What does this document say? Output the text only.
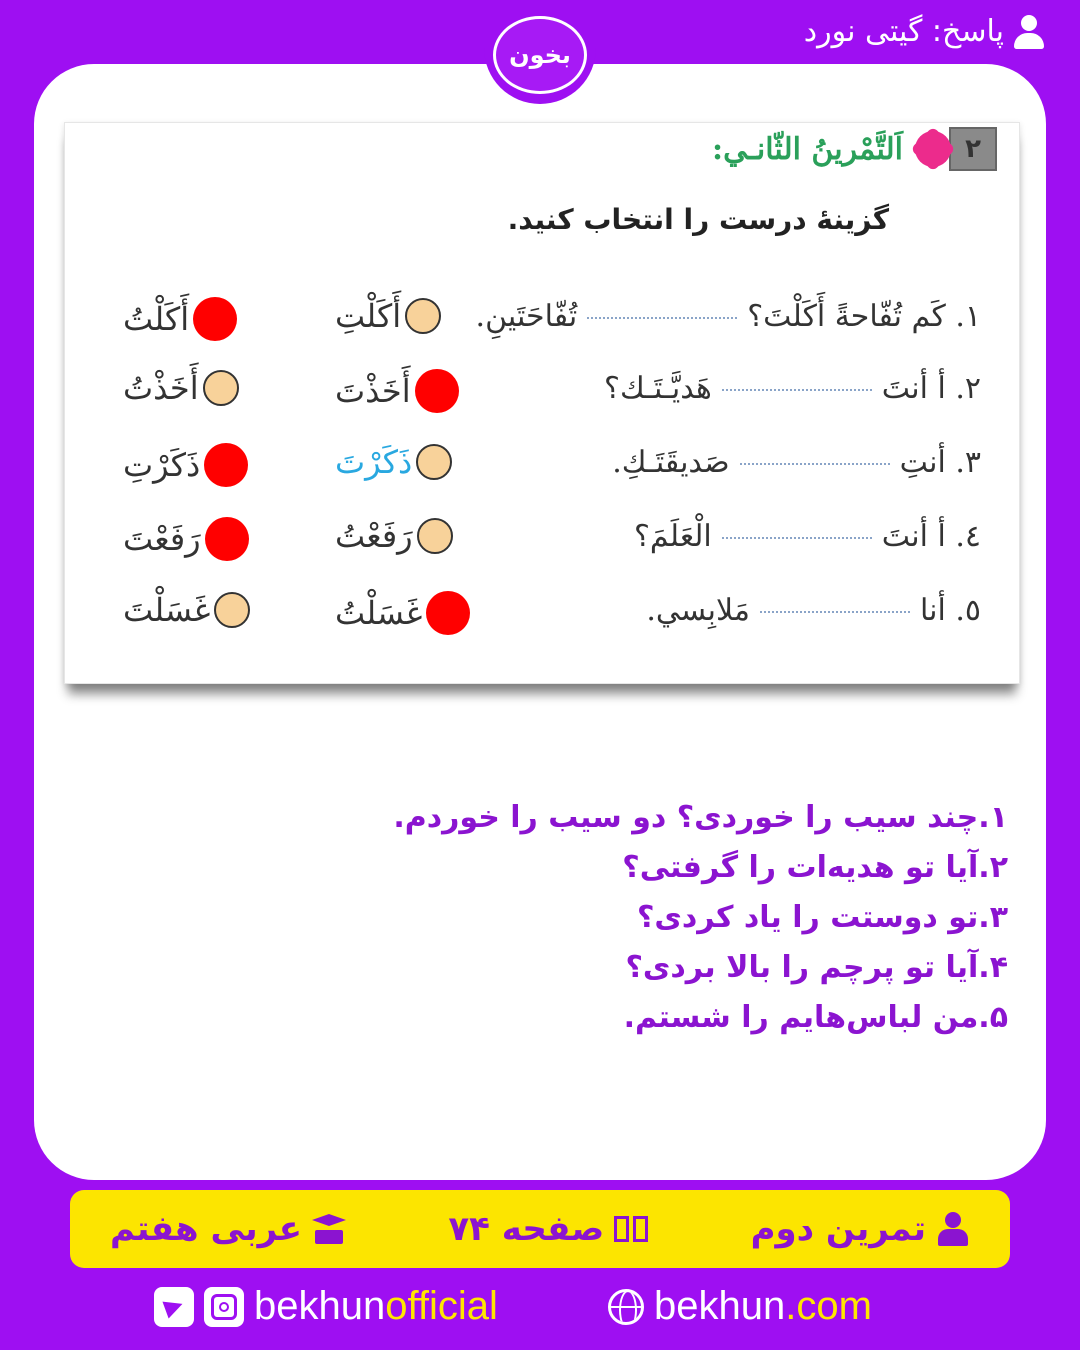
پاسخ: گیتی نورد
بخون
٢
اَلتَّمْرينُ الثّانـي:
گزینهٔ درست را انتخاب کنید.
١. كَم تُفّاحةً أَكَلْتَ؟تُفّاحَتَينِ.
أَكَلْتِ
أَكَلْتُ
٢. أ أنتَهَديَّـتَـك؟
أَخَذْتَ
أَخَذْتُ
٣. أنتِصَديقَتَـكِ.
ذَكَرْتَ
ذَكَرْتِ
٤. أ أنتَالْعَلَمَ؟
رَفَعْتُ
رَفَعْتَ
٥. أنامَلابِسي.
غَسَلْتُ
غَسَلْتَ
۱.چند سیب را خوردی؟ دو سیب را خوردم.
۲.آیا تو هدیه‌ات را گرفتی؟
۳.تو دوستت را یاد کردی؟
۴.آیا تو پرچم را بالا بردی؟
۵.من لباس‌هایم را شستم.
تمرین دوم
صفحه ۷۴
عربی هفتم
bekhunofficial	bekhun.com
